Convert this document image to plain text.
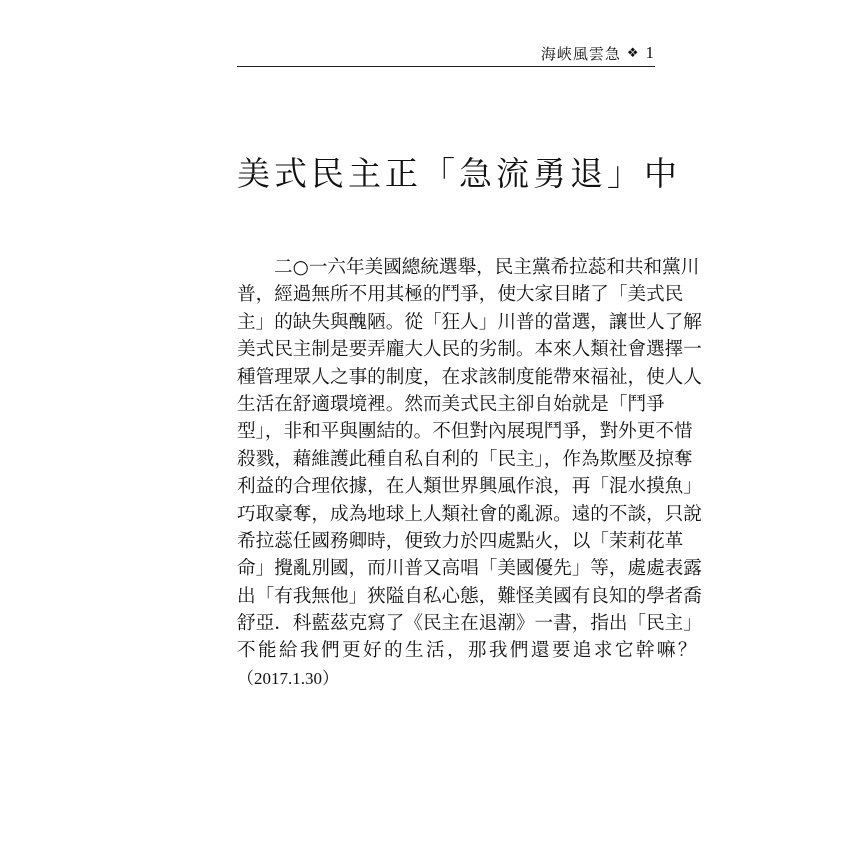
海峽風雲急 ❖ 1
美式民主正「急流勇退」中
二○一六年美國總統選舉，民主黨希拉蕊和共和黨川
普，經過無所不用其極的鬥爭，使大家目睹了「美式民
主」的缺失與醜陋。從「狂人」川普的當選，讓世人了解
美式民主制是要弄龐大人民的劣制。本來人類社會選擇一
種管理眾人之事的制度，在求該制度能帶來福祉，使人人
生活在舒適環境裡。然而美式民主卻自始就是「鬥爭
型」，非和平與團結的。不但對內展現鬥爭，對外更不惜
殺戮，藉維護此種自私自利的「民主」，作為欺壓及掠奪
利益的合理依據，在人類世界興風作浪，再「混水摸魚」
巧取豪奪，成為地球上人類社會的亂源。遠的不談，只說
希拉蕊任國務卿時，便致力於四處點火，以「茉莉花革
命」攪亂別國，而川普又高唱「美國優先」等，處處表露
出「有我無他」狹隘自私心態，難怪美國有良知的學者喬
舒亞．科藍茲克寫了《民主在退潮》一書，指出「民主」
不能給我們更好的生活，那我們還要追求它幹嘛？
（2017.1.30）
